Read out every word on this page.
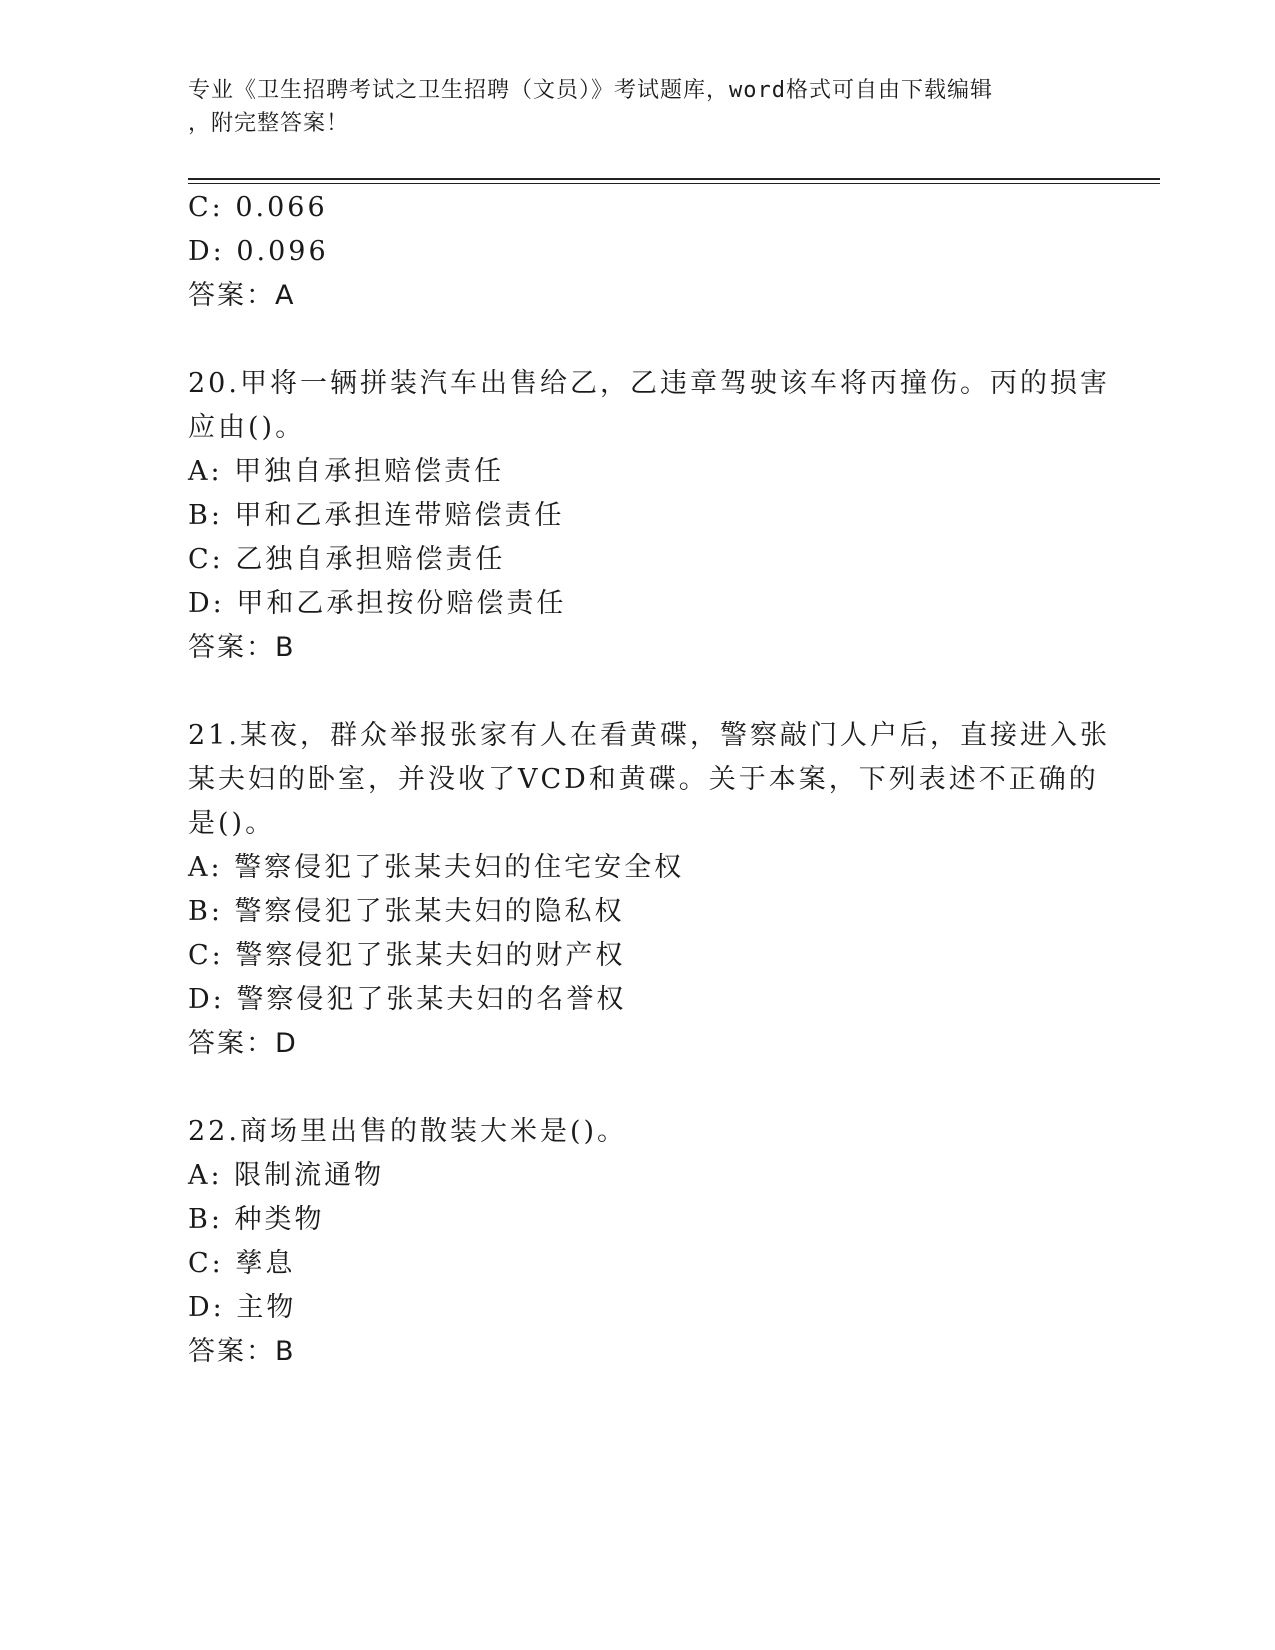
专业《卫生招聘考试之卫生招聘（文员）》考试题库，word格式可自由下载编辑
，附完整答案！
C: 0.066
D: 0.096
答案：A
20.甲将一辆拼装汽车出售给乙，乙违章驾驶该车将丙撞伤。丙的损害
应由()。
A: 甲独自承担赔偿责任
B: 甲和乙承担连带赔偿责任
C: 乙独自承担赔偿责任
D: 甲和乙承担按份赔偿责任
答案：B
21.某夜，群众举报张家有人在看黄碟，警察敲门人户后，直接进入张
某夫妇的卧室，并没收了VCD和黄碟。关于本案，下列表述不正确的
是()。
A: 警察侵犯了张某夫妇的住宅安全权
B: 警察侵犯了张某夫妇的隐私权
C: 警察侵犯了张某夫妇的财产权
D: 警察侵犯了张某夫妇的名誉权
答案：D
22.商场里出售的散装大米是()。
A: 限制流通物
B: 种类物
C: 孳息
D: 主物
答案：B
